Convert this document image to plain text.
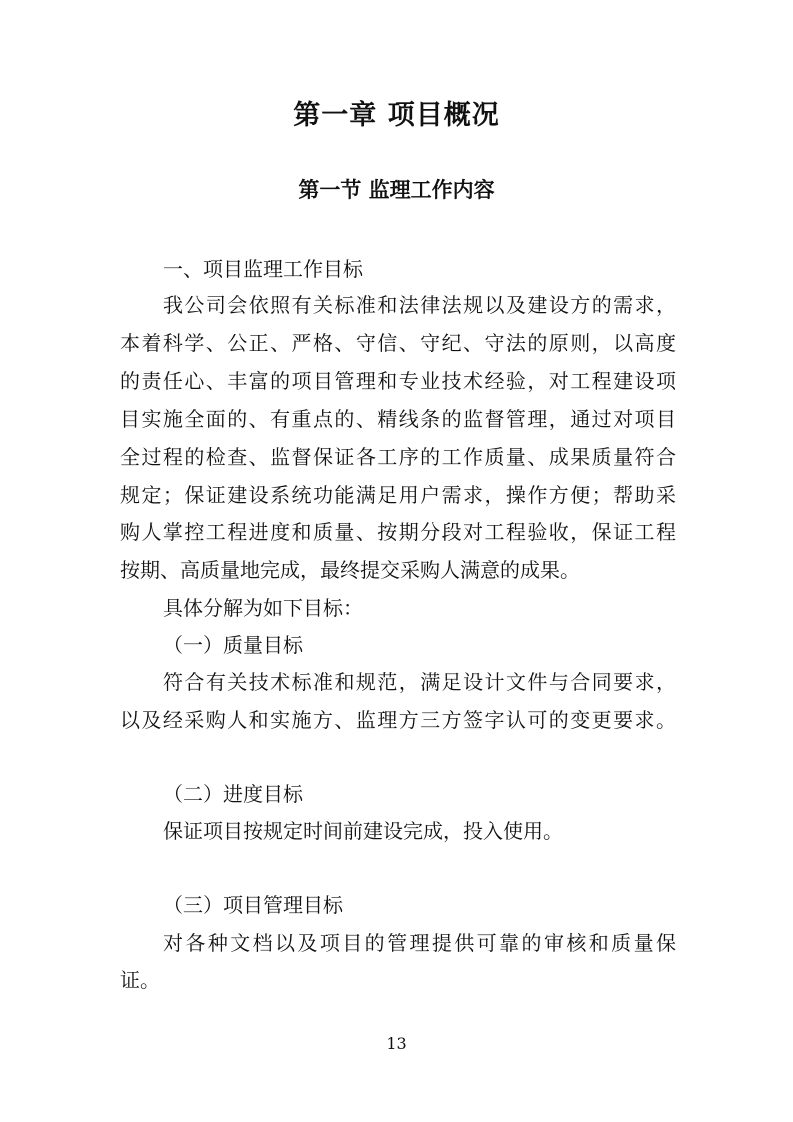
第一章 项目概况
第一节 监理工作内容
一、项目监理工作目标
我公司会依照有关标准和法律法规以及建设方的需求，
本着科学、公正、严格、守信、守纪、守法的原则，以高度
的责任心、丰富的项目管理和专业技术经验，对工程建设项
目实施全面的、有重点的、精线条的监督管理，通过对项目
全过程的检查、监督保证各工序的工作质量、成果质量符合
规定；保证建设系统功能满足用户需求，操作方便；帮助采
购人掌控工程进度和质量、按期分段对工程验收，保证工程
按期、高质量地完成，最终提交采购人满意的成果。
具体分解为如下目标：
（一）质量目标
符合有关技术标准和规范，满足设计文件与合同要求，
以及经采购人和实施方、监理方三方签字认可的变更要求。
（二）进度目标
保证项目按规定时间前建设完成，投入使用。
（三）项目管理目标
对各种文档以及项目的管理提供可靠的审核和质量保
证。
13
